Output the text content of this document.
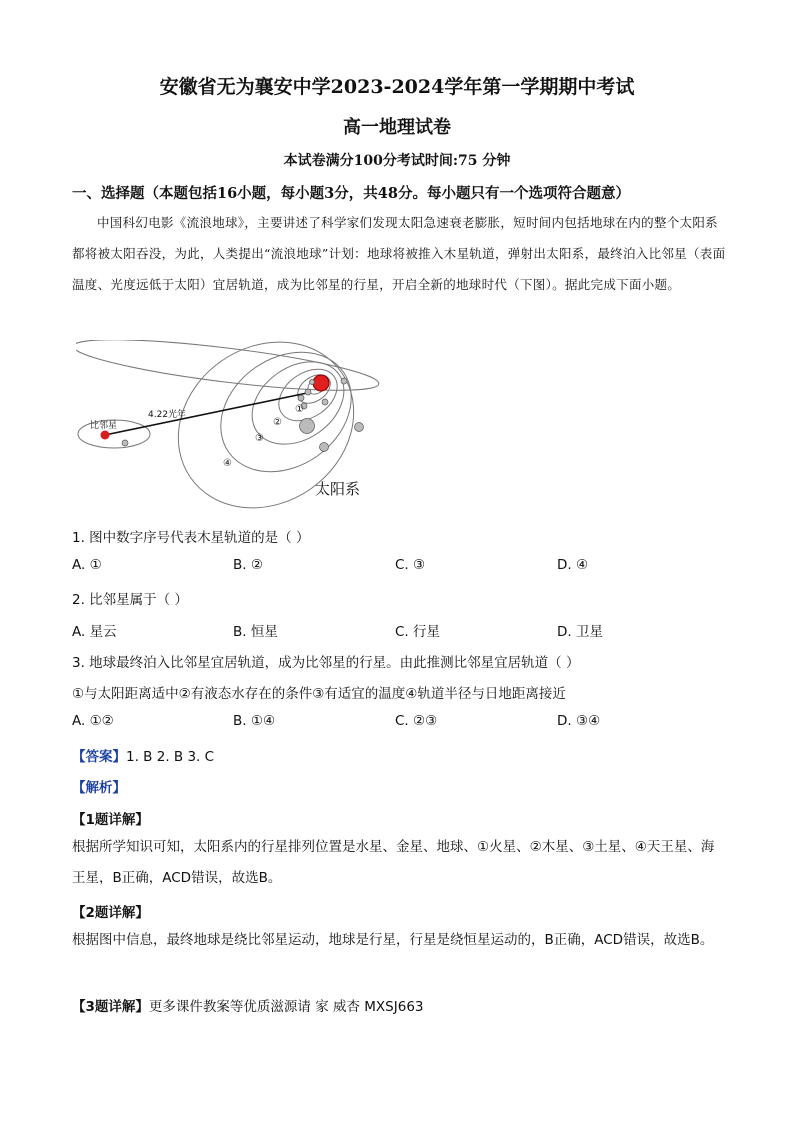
安徽省无为襄安中学2023-2024学年第一学期期中考试
高一地理试卷
本试卷满分100分考试时间:75 分钟
一、选择题（本题包括16小题，每小题3分，共48分。每小题只有一个选项符合题意）
中国科幻电影《流浪地球》，主要讲述了科学家们发现太阳急速衰老膨胀，短时间内包括地球在内的整个太阳系都将被太阳吞没，为此，人类提出“流浪地球”计划：地球将被推入木星轨道，弹射出太阳系，最终泊入比邻星（表面温度、光度远低于太阳）宜居轨道，成为比邻星的行星，开启全新的地球时代（下图）。据此完成下面小题。
①
②
③
④
4.22光年
比邻星
太阳系
1. 图中数字序号代表木星轨道的是（ ）
A. ①	B. ②	C. ③	D. ④
2. 比邻星属于（ ）
A. 星云	B. 恒星	C. 行星	D. 卫星
3. 地球最终泊入比邻星宜居轨道，成为比邻星的行星。由此推测比邻星宜居轨道（ ）
①与太阳距离适中②有液态水存在的条件③有适宜的温度④轨道半径与日地距离接近
A. ①②	B. ①④	C. ②③	D. ③④
【答案】1. B 2. B 3. C
【解析】
【1题详解】
根据所学知识可知，太阳系内的行星排列位置是水星、金星、地球、①火星、②木星、③土星、④天王星、海王星，B正确，ACD错误，故选B。
【2题详解】
根据图中信息，最终地球是绕比邻星运动，地球是行星，行星是绕恒星运动的，B正确，ACD错误，故选B。
【3题详解】更多课件教案等优质滋源请 家 威杏 MXSJ663
